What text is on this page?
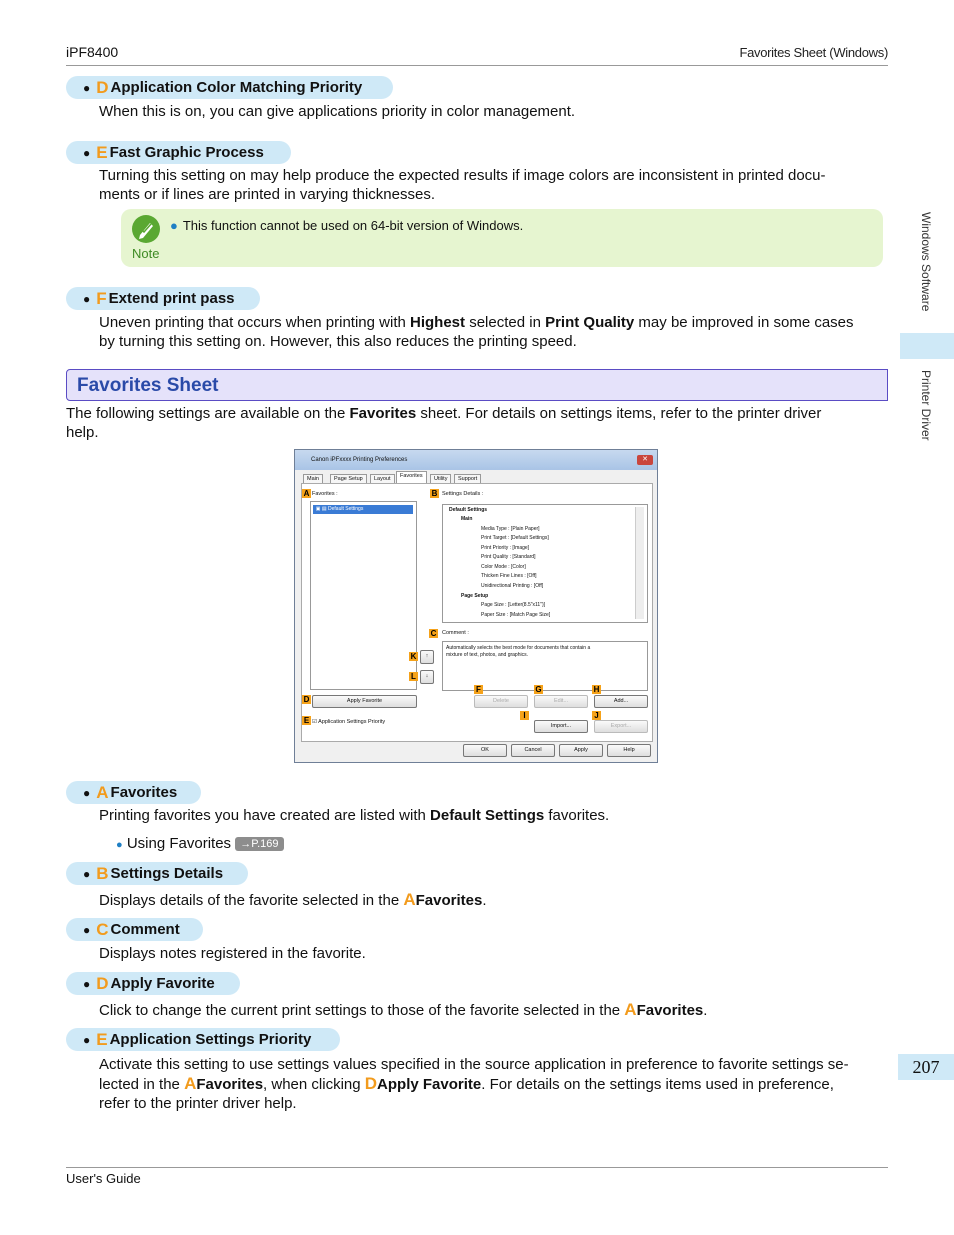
iPF8400	Favorites Sheet (Windows)
Windows Software
Printer Driver
● D Application Color Matching Priority
When this is on, you can give applications priority in color management.
● E Fast Graphic Process
Turning this setting on may help produce the expected results if image colors are inconsistent in printed docu-
ments or if lines are printed in varying thicknesses.
Note
● This function cannot be used on 64-bit version of Windows.
● F Extend print pass
Uneven printing that occurs when printing with Highest selected in Print Quality may be improved in some cases
by turning this setting on. However, this also reduces the printing speed.
Favorites Sheet
The following settings are available on the Favorites sheet. For details on settings items, refer to the printer driver
help.
Canon iPFxxxx Printing Preferences	✕
Main	Page Setup	Layout	Favorites	Utility	Support
A Favorites :
▣ ▤ Default Settings
B Settings Details :
Default Settings
Main
Media Type : [Plain Paper]
Print Target : [Default Settings]
Print Priority : [Image]
Print Quality : [Standard]
Color Mode : [Color]
Thicken Fine Lines : [Off]
Unidirectional Printing : [Off]
Page Setup
Page Size : [Letter(8.5"x11")]
Paper Size : [Match Page Size]
C Comment :
Automatically selects the best mode for documents that contain a
mixture of text, photos, and graphics.
K	↑
L	↓
F	G	H
D	Apply Favorite	Delete	Edit...	Add...
E ☑ Application Settings Priority
I	J
Import...	Export...
OK	Cancel	Apply	Help
● A Favorites
Printing favorites you have created are listed with Default Settings favorites.
● Using Favorites →P.169
● B Settings Details
Displays details of the favorite selected in the AFavorites.
● C Comment
Displays notes registered in the favorite.
● D Apply Favorite
Click to change the current print settings to those of the favorite selected in the AFavorites.
● E Application Settings Priority
Activate this setting to use settings values specified in the source application in preference to favorite settings se-
lected in the AFavorites, when clicking DApply Favorite. For details on the settings items used in preference,
refer to the printer driver help.
207
User's Guide
